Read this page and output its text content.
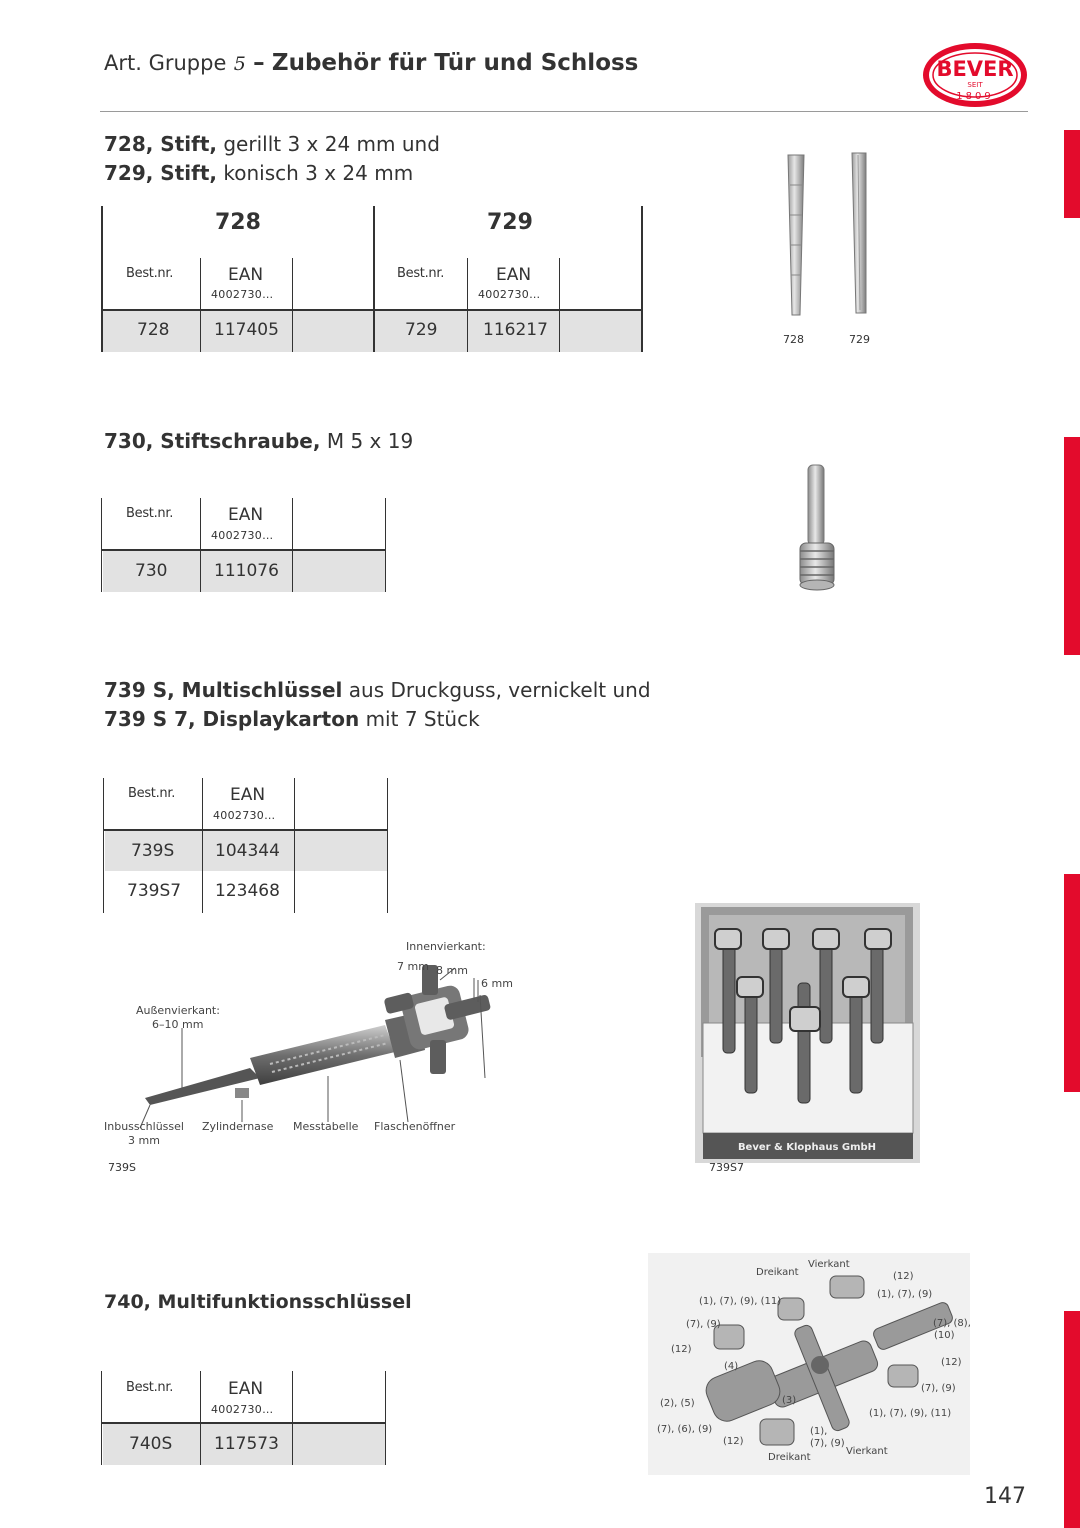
Art. Gruppe 5 – Zubehör für Tür und Schloss	BEVER
SEIT
1809
728, Stift, gerillt 3 x 24 mm und
729, Stift, konisch 3 x 24 mm
728	729
Best.nr.	EAN
4002730…
Best.nr.	EAN
4002730…
728	117405	729	116217	728	729
730, Stiftschraube, M 5 x 19
Best.nr.	EAN
4002730…
730	111076
739 S, Multischlüssel aus Druckguss, vernickelt und
739 S 7, Displaykarton mit 7 Stück
Best.nr.	EAN
4002730…
739S 104344
739S7 123468
Innenvierkant:
7 mm 8 mm
6 mm
Außenvierkant:
6–10 mm
Inbusschlüssel
3 mm
Zylindernase Messtabelle Flaschenöffner
739S
Bever & Klophaus GmbH
739S7
740, Multifunktionsschlüssel
Best.nr.	EAN
4002730…
740S 117573
Dreikant
Vierkant
(12)
(1), (7), (9)
(1), (7), (9), (11)
(7), (9)	(7), (8),
(10)
(12)
(4)	(12)
(7), (9)
(2), (5)	(3)
(1), (7), (9), (11)
(7), (6), (9)	(1),
(7), (9)
(12)
Vierkant
Dreikant
147
